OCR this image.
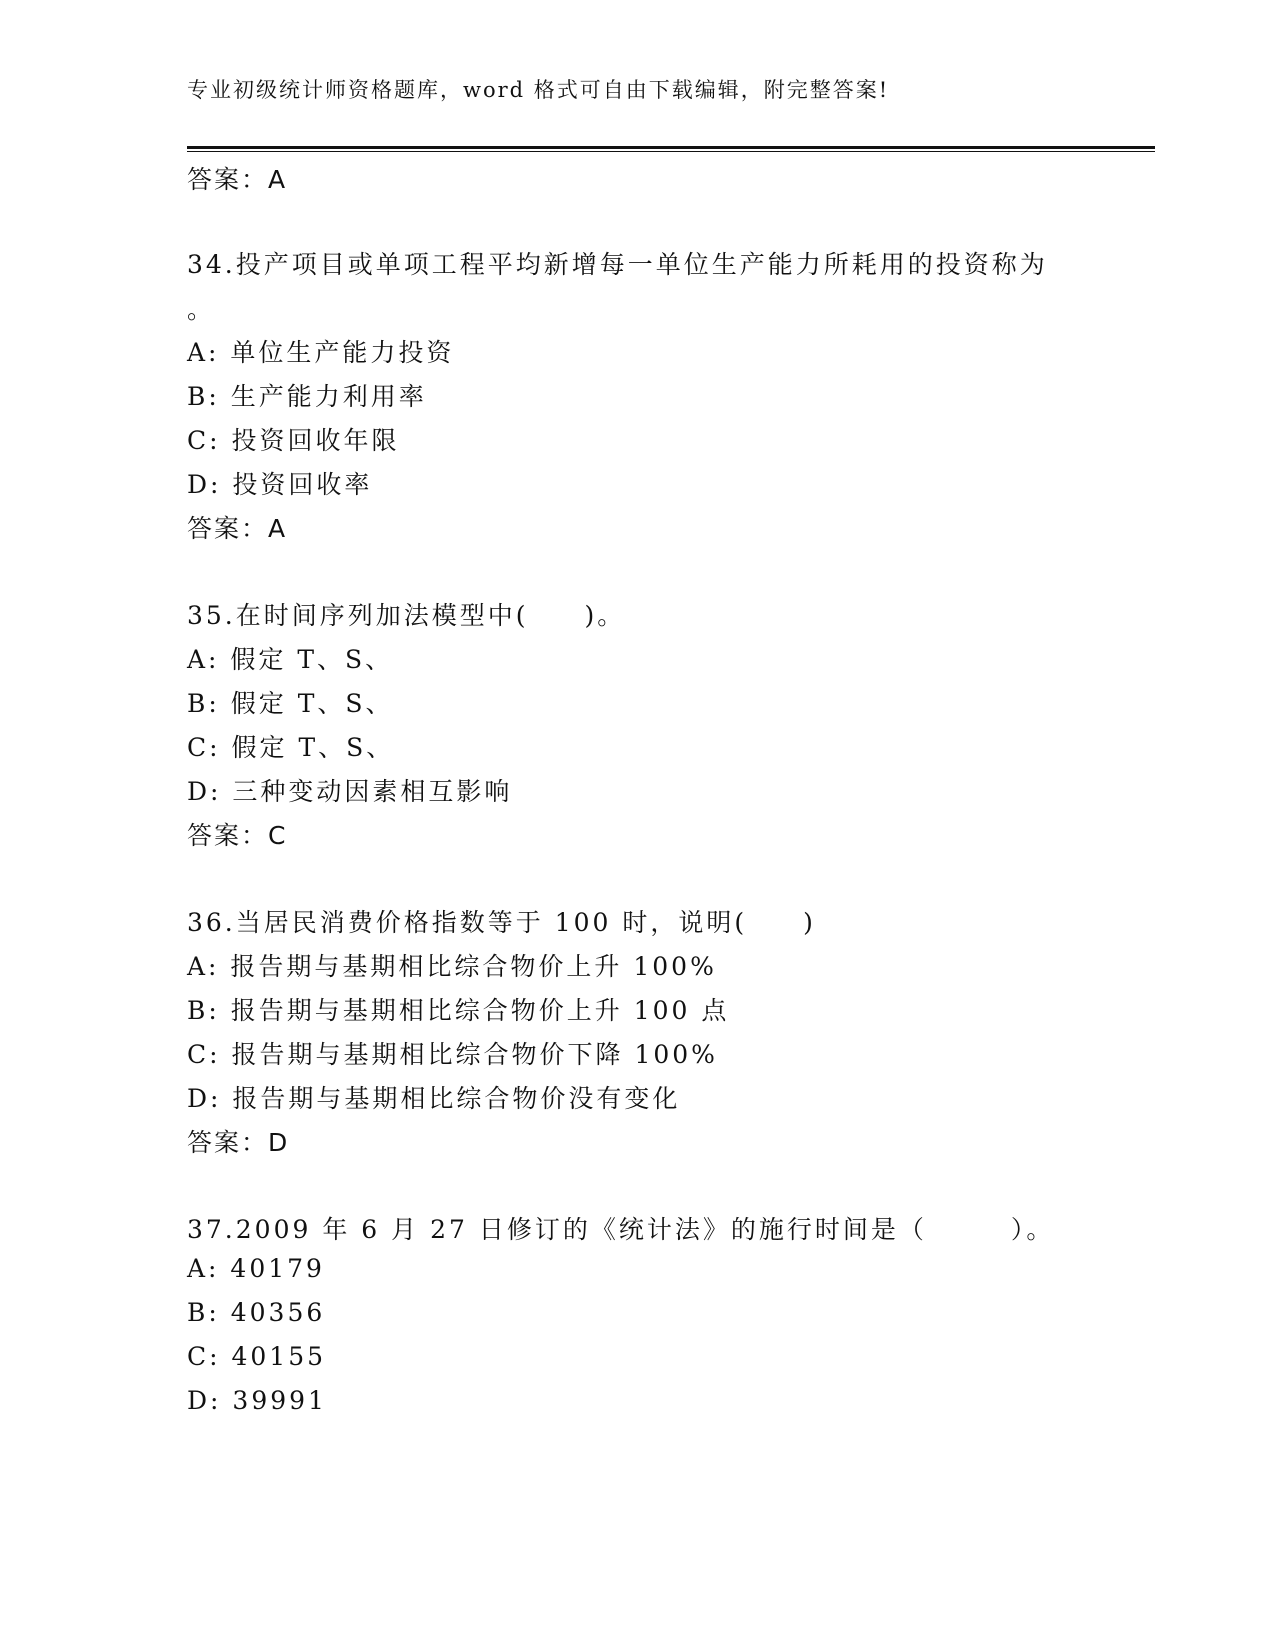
专业初级统计师资格题库，word 格式可自由下载编辑，附完整答案!
答案：A
34.投产项目或单项工程平均新增每一单位生产能力所耗用的投资称为
。
A: 单位生产能力投资
B: 生产能力利用率
C: 投资回收年限
D: 投资回收率
答案：A
35.在时间序列加法模型中(　　)。
A: 假定 T、S、
B: 假定 T、S、
C: 假定 T、S、
D: 三种变动因素相互影响
答案：C
36.当居民消费价格指数等于 100 时，说明(　　)
A: 报告期与基期相比综合物价上升 100%
B: 报告期与基期相比综合物价上升 100 点
C: 报告期与基期相比综合物价下降 100%
D: 报告期与基期相比综合物价没有变化
答案：D
37.2009 年 6 月 27 日修订的《统计法》的施行时间是（　　　）。
A: 40179
B: 40356
C: 40155
D: 39991
